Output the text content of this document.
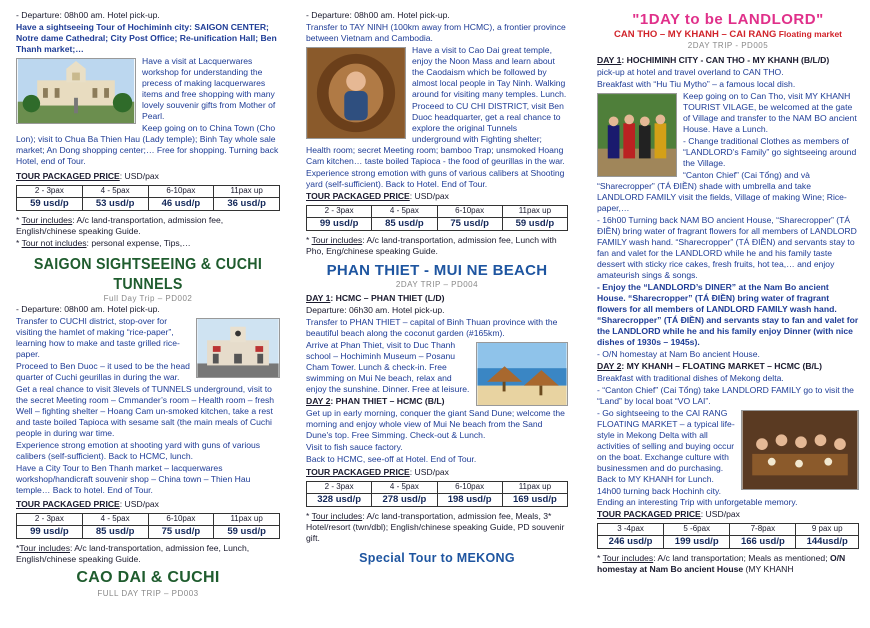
- Departure: 08h00 am. Hotel pick-up.

Have a sightseeing Tour of Hochiminh city: SAIGON CENTER; Notre dame Cathedral; City Post Office; Re-unification Hall; Ben Thanh market;…

Have a visit at Lacquerwares workshop for understanding the precess of making lacquerwares items and free shopping with many lovely souvenir gifts from Mother of Pearl.

Keep going on to China Town (Cho Lon); visit to Chua Ba Thien Hau (Lady temple); Binh Tay whole sale market; An Dong shopping center;… Free for shopping. Turning back Hotel, end of Tour.

TOUR PACKAGED PRICE: USD/pax

2 - 3pax	4 - 5pax	6-10pax	11pax up
59 usd/p	53 usd/p	46 usd/p	36 usd/p

* Tour includes: A/c land-transportation, admission fee, English/chinese speaking Guide.

* Tour not includes: personal expense, Tips,…

SAIGON SIGHTSEEING & CUCHI TUNNELS
Full Day Trip – PD002

- Departure: 08h00 am. Hotel pick-up.

Transfer to CUCHI district, stop-over for visiting the hamlet of making “rice-paper”, learning how to make and taste grilled rice-paper.

Proceed to Ben Duoc – it used to be the head quarter of Cuchi geurillas in during the war.

Get a real chance to visit 3levels of TUNNELS underground, visit to the secret Meeting room – Cmmander’s room – Health room – fresh Well – fighting shelter – Hoang Cam un-smoked kitchen, take a rest and taste boiled Tapioca with sesame salt (the main meals of Cuchi people in during war time.

Experience strong emotion at shooting yard with guns of various calibers (self-sufficient). Back to HCMC, lunch.

Have a City Tour to Ben Thanh market – lacquerwares workshop/handicraft souvenir shop – China town – Thien Hau temple… Back to hotel. End of Tour.

TOUR PACKAGED PRICE: USD/pax

2 - 3pax	4 - 5pax	6-10pax	11pax up
99 usd/p	85 usd/p	75 usd/p	59 usd/p

*Tour includes: A/c land-transportation, admission fee, Lunch, English/chinese speaking Guide.

CAO DAI & CUCHI
FULL DAY TRIP – PD003

- Departure: 08h00 am. Hotel pick-up.

Transfer to TAY NINH (100km away from HCMC), a frontier province between Vietnam and Cambodia.

Have a visit to Cao Dai great temple, enjoy the Noon Mass and learn about the Caodaism which be followed by almost local people in Tay Ninh. Walking around for visiting many temples. Lunch.

Proceed to CU CHI DISTRICT, visit Ben Duoc headquarter, get a real chance to explore the original Tunnels underground with Fighting shelter; Health room; secret Meeting room; bamboo Trap; unsmoked Hoang Cam kitchen… taste boiled Tapioca - the food of geurillas in the war.

Experience strong emotion with guns of various calibers at Shooting yard (self-sufficient). Back to Hotel. End of Tour.

TOUR PACKAGED PRICE: USD/pax

2 - 3pax	4 - 5pax	6-10pax	11pax up
99 usd/p	85 usd/p	75 usd/p	59 usd/p

* Tour includes: A/c land-transportation, admission fee, Lunch with Pho, Eng/chinese speaking Guide.

PHAN THIET - MUI NE BEACH
2DAY TRIP – PD004

DAY 1: HCMC – PHAN THIET (L/D)

Departure: 06h30 am. Hotel pick-up.

Transfer to PHAN THIET – capital of Binh Thuan province with the beautiful beach along the coconut garden (#165km).

Arrive at Phan Thiet, visit to Duc Thanh school – Hochiminh Museum – Posanu Cham Tower. Lunch & check-in. Free swimming on Mui Ne beach, relax and enjoy the sunshine. Dinner. Free at leisure.

DAY 2: PHAN THIET – HCMC (B/L)

Get up in early morning, conquer the giant Sand Dune; welcome the morning and enjoy whole view of Mui Ne beach from the Sand Dune's top. Free Simming. Check-out & Lunch.

Visit to fish sauce factory.

Back to HCMC, see-off at Hotel. End of Tour.

TOUR PACKAGED PRICE: USD/pax

2 - 3pax	4 - 5pax	6-10pax	11pax up
328 usd/p	278 usd/p	198 usd/p	169 usd/p

* Tour includes: A/c land-transportation, admission fee, Meals, 3* Hotel/resort (twn/dbl); English/chinese speaking Guide, PD souvenir gift.

Special Tour to MEKONG
"1DAY to be LANDLORD"
CAN THO – MY KHANH – CAI RANG Floating market
2DAY TRIP - PD005

DAY 1: HOCHIMINH CITY - CAN THO - MY KHANH (B/L/D)

pick-up at hotel and travel overland to CAN THO.

Breakfast with “Hu Tiu Mytho” – a famous local dish.

Keep going on to Can Tho, visit MY KHANH TOURIST VILAGE, be welcomed at the gate of Village and transfer to the NAM BO ancient House. Have a Lunch.

- Change traditional Clothes as members of “LANDLORD’s Family” go sightseeing around the Village.

“Canton Chief” (Cai Tổng) and và “Sharecropper” (TÁ ĐIỀN) shade with umbrella and take LANDLORD FAMILY visit the fields, Village of making Wine; Rice-paper,…

- 16h00 Turning back NAM BO ancient House, “Sharecropper” (TÁ ĐIỀN) bring water of fragrant flowers for all members of LANDLORD FAMILY wash hand. “Sharecropper” (TÁ ĐIỀN) and servants stay to fan and valet for the LANDLORD while he and his family taste dessert with sticky rice cakes, fresh fruits, hot tea,… and enjoy amateurish sings & songs.

- Enjoy the “LANDLORD’s DINER” at the Nam Bo ancient House. “Sharecropper” (TÁ ĐIỀN) bring water of fragrant flowers for all members of LANDLORD FAMILY wash hand. “Sharecropper” (TÁ ĐIỀN) and servants stay to fan and valet for the LANDLORD while he and his family enjoy Dinner (with nice dishes of 1930s – 1945s).

- O/N homestay at Nam Bo ancient House.

DAY 2: MY KHANH – FLOATING MARKET – HCMC (B/L)

Breakfast with traditional dishes of Mekong delta.

- “Canton Chief” (Cai Tổng) take LANDLORD FAMILY go to visit the “Land” by local boat “VO LAI”.

- Go sightseeing to the CAI RANG FLOATING MARKET – a typical life-style in Mekong Delta with all activities of selling and buying occur on the boat. Exchange culture with businessmen and do purchasing. Back to MY KHANH for Lunch.

14h00 turning back Hochinh city. Ending an interesting Trip with unforgetable memory.

TOUR PACKAGED PRICE: USD/pax

3 -4pax	5 -6pax	7-8pax	9 pax up
246 usd/p	199 usd/p	166 usd/p	144usd/p

* Tour includes: A/c land transportation; Meals as mentioned; O/N homestay at Nam Bo ancient House (MY KHANH
